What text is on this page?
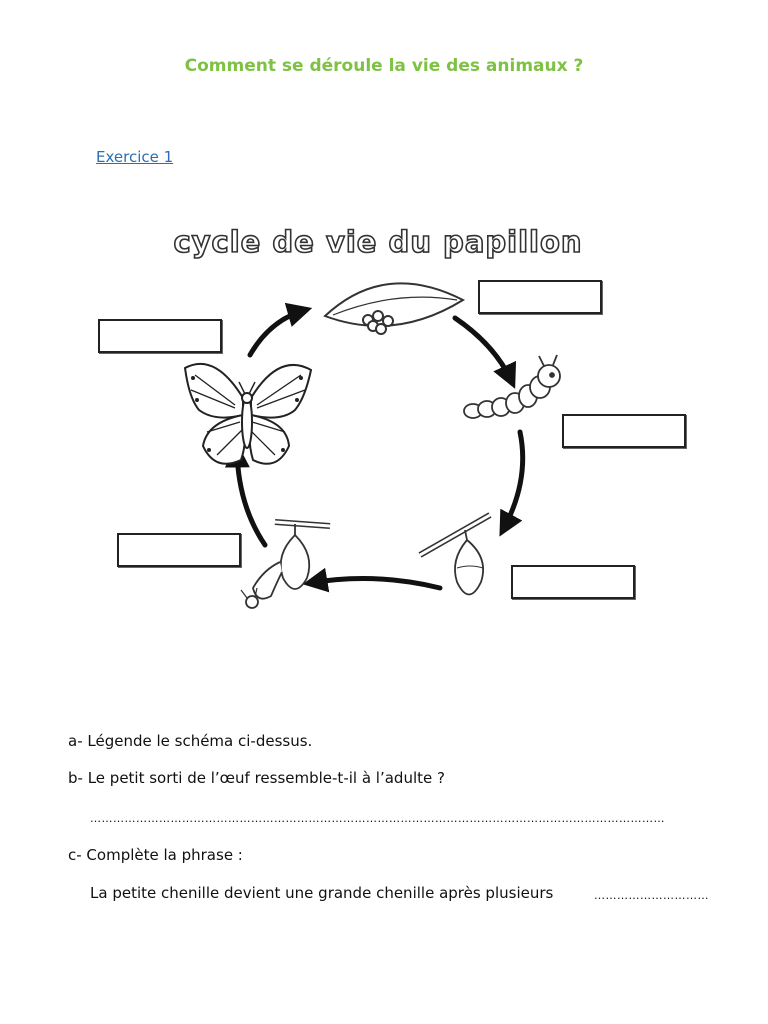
Comment se déroule la vie des animaux ?
Exercice 1
cycle de vie du papillon
a- Légende le schéma ci-dessus.
b- Le petit sorti de l’œuf ressemble-t-il à l’adulte ?
……………………………………………………………………………………………………………………………………
c- Complète la phrase :
La petite chenille devient une grande chenille après plusieurs	…………………………
